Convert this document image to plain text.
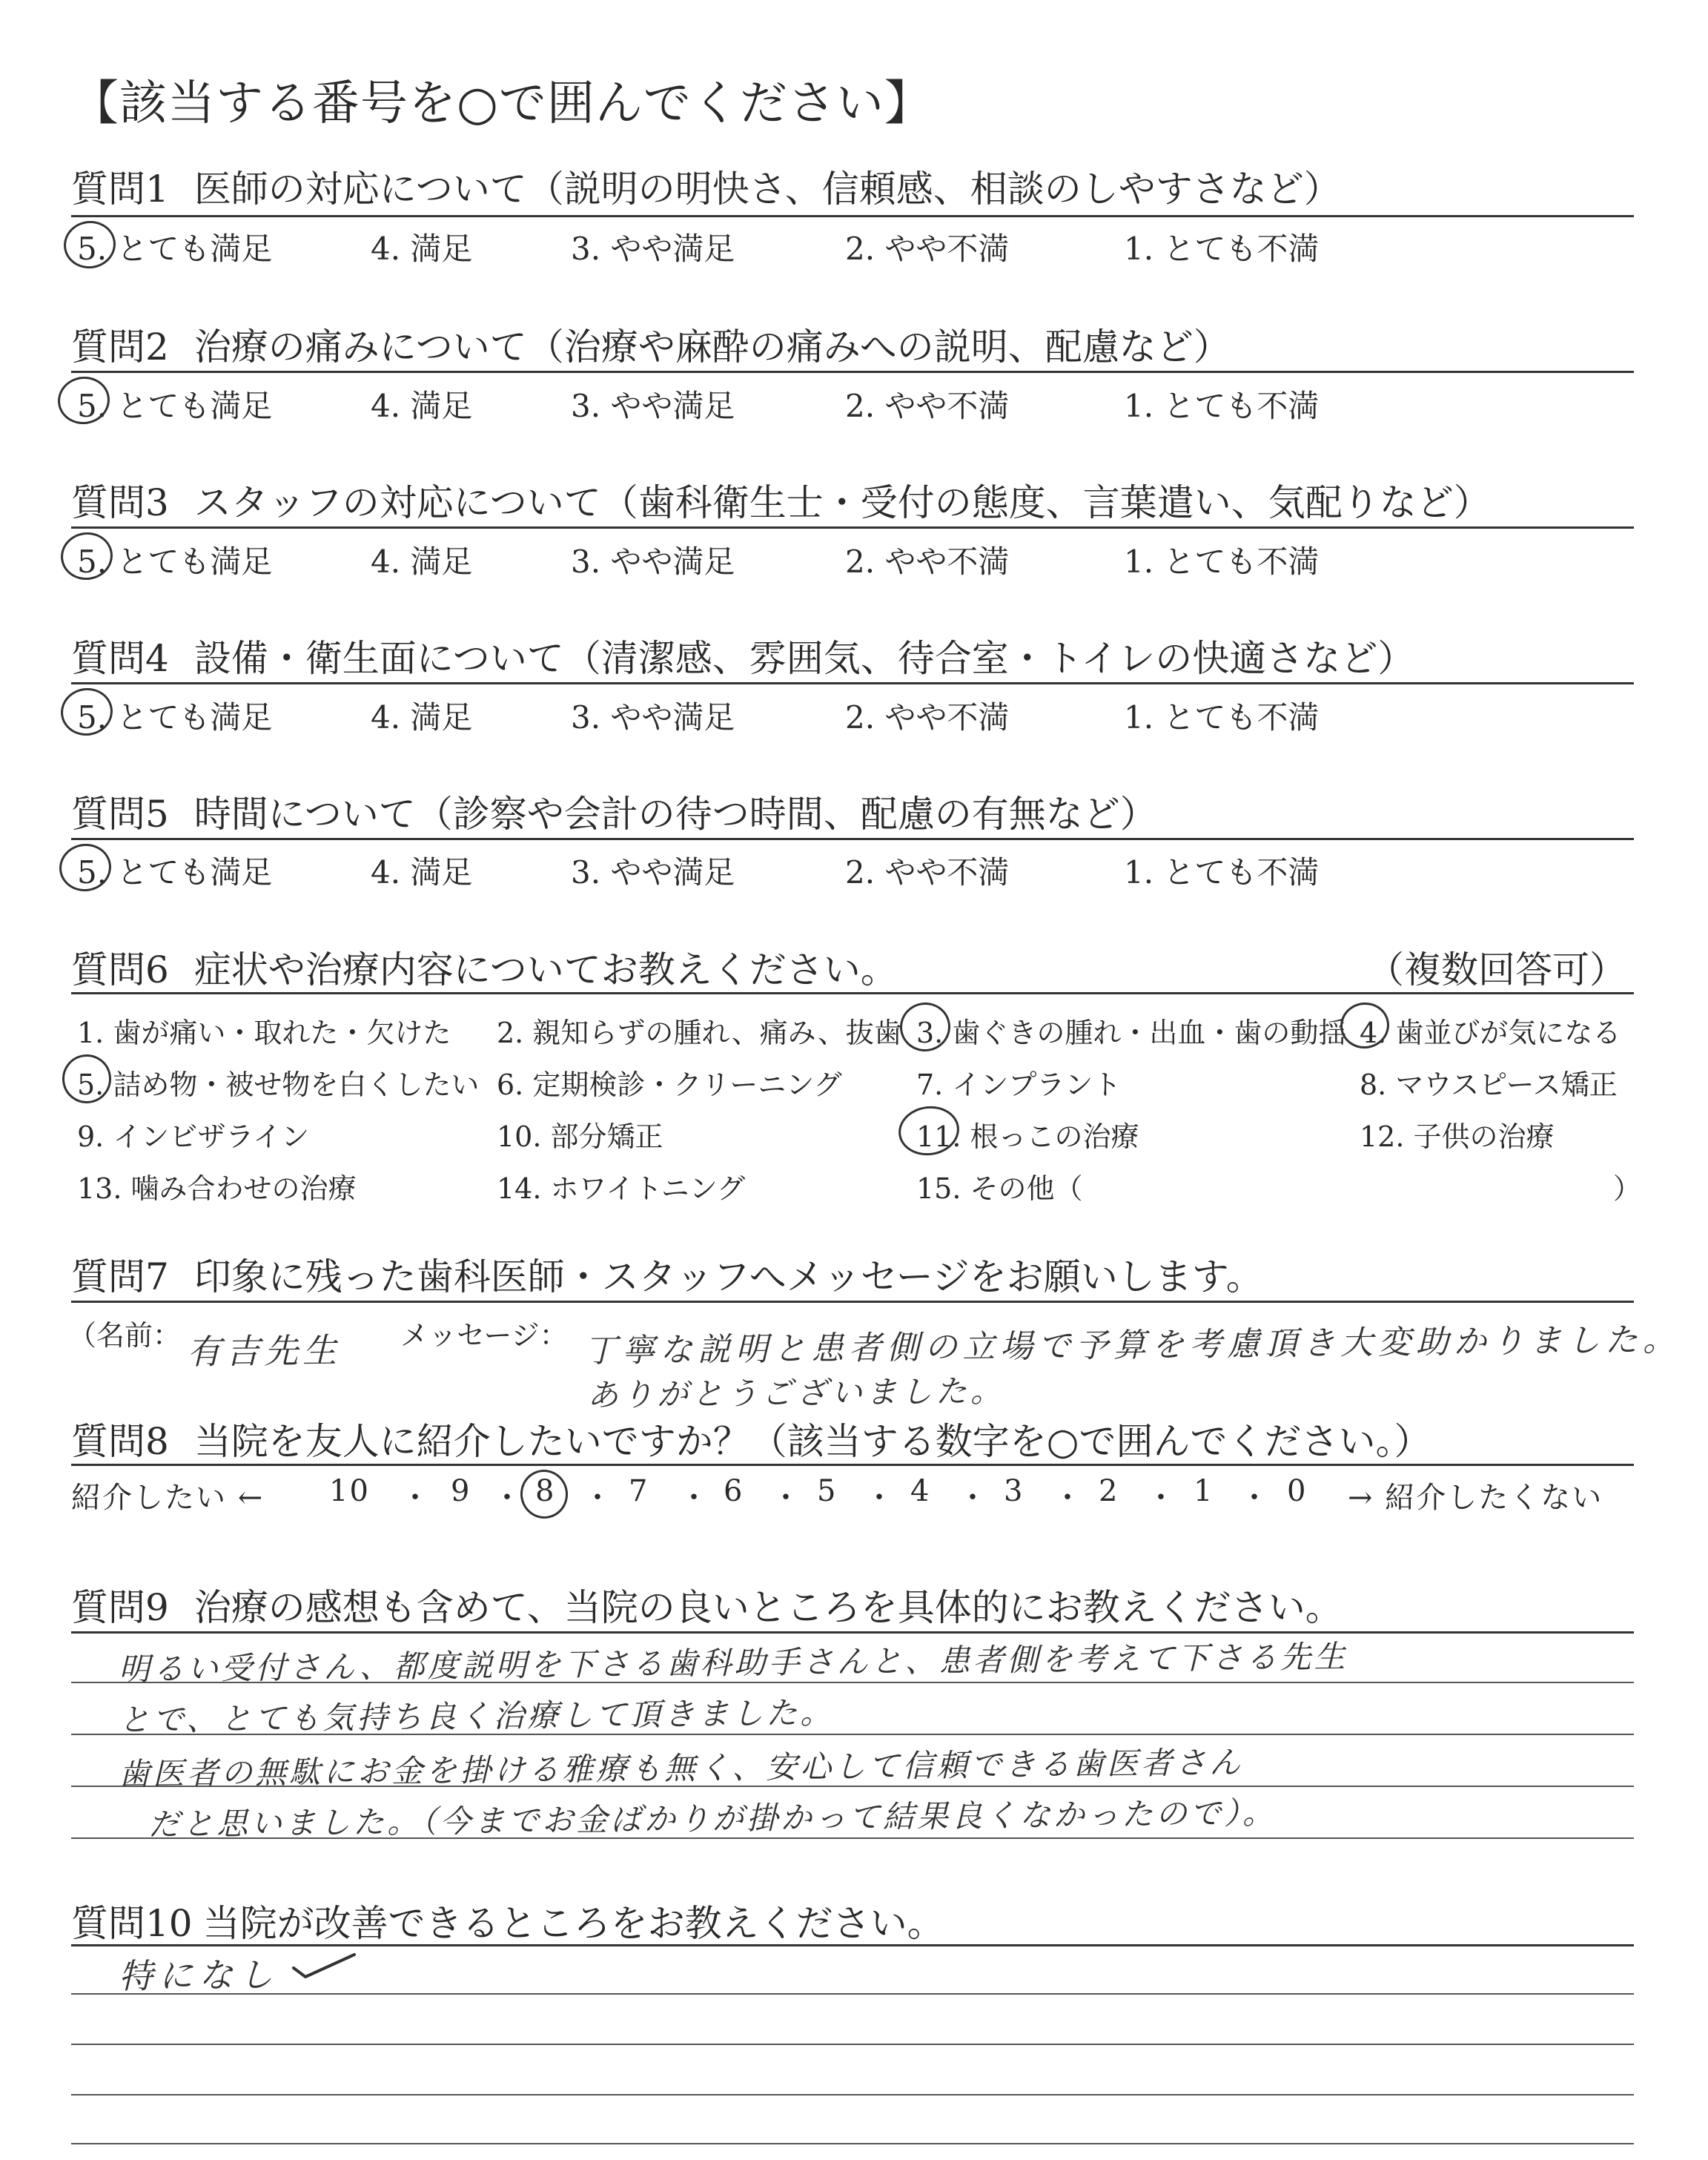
【該当する番号を○で囲んでください】
質問1 医師の対応について（説明の明快さ、信頼感、相談のしやすさなど）
5. とても満足	4. 満足	3. やや満足	2. やや不満	1. とても不満
質問2 治療の痛みについて（治療や麻酔の痛みへの説明、配慮など）
5. とても満足	4. 満足	3. やや満足	2. やや不満	1. とても不満
質問3 スタッフの対応について（歯科衛生士・受付の態度、言葉遣い、気配りなど）
5. とても満足	4. 満足	3. やや満足	2. やや不満	1. とても不満
質問4 設備・衛生面について（清潔感、雰囲気、待合室・トイレの快適さなど）
5. とても満足	4. 満足	3. やや満足	2. やや不満	1. とても不満
質問5 時間について（診察や会計の待つ時間、配慮の有無など）
5. とても満足	4. 満足	3. やや満足	2. やや不満	1. とても不満
質問6 症状や治療内容についてお教えください。	（複数回答可）
1. 歯が痛い・取れた・欠けた 2. 親知らずの腫れ、痛み、抜歯 3. 歯ぐきの腫れ・出血・歯の動揺 4. 歯並びが気になる
5. 詰め物・被せ物を白くしたい 6. 定期検診・クリーニング	7. インプラント	8. マウスピース矯正
9. インビザライン	10. 部分矯正	11. 根っこの治療	12. 子供の治療
13. 噛み合わせの治療	14. ホワイトニング	15. その他（	）
質問7 印象に残った歯科医師・スタッフへメッセージをお願いします。
（名前： 有吉先生 メッセージ： 丁寧な説明と患者側の立場で予算を考慮頂き大変助かりました。
ありがとうございました。
質問8 当院を友人に紹介したいですか？（該当する数字を○で囲んでください。）
紹介したい ←	→ 紹介したくない
10 ・ 9 ・ 8 ・ 7 ・ 6 ・ 5 ・ 4 ・ 3 ・ 2 ・ 1 ・ 0
質問9 治療の感想も含めて、当院の良いところを具体的にお教えください。
明るい受付さん、都度説明を下さる歯科助手さんと、患者側を考えて下さる先生
とで、とても気持ち良く治療して頂きました。
歯医者の無駄にお金を掛ける雅療も無く、安心して信頼できる歯医者さん
だと思いました。（今までお金ばかりが掛かって結果良くなかったので）。
質問10 当院が改善できるところをお教えください。
特になし
